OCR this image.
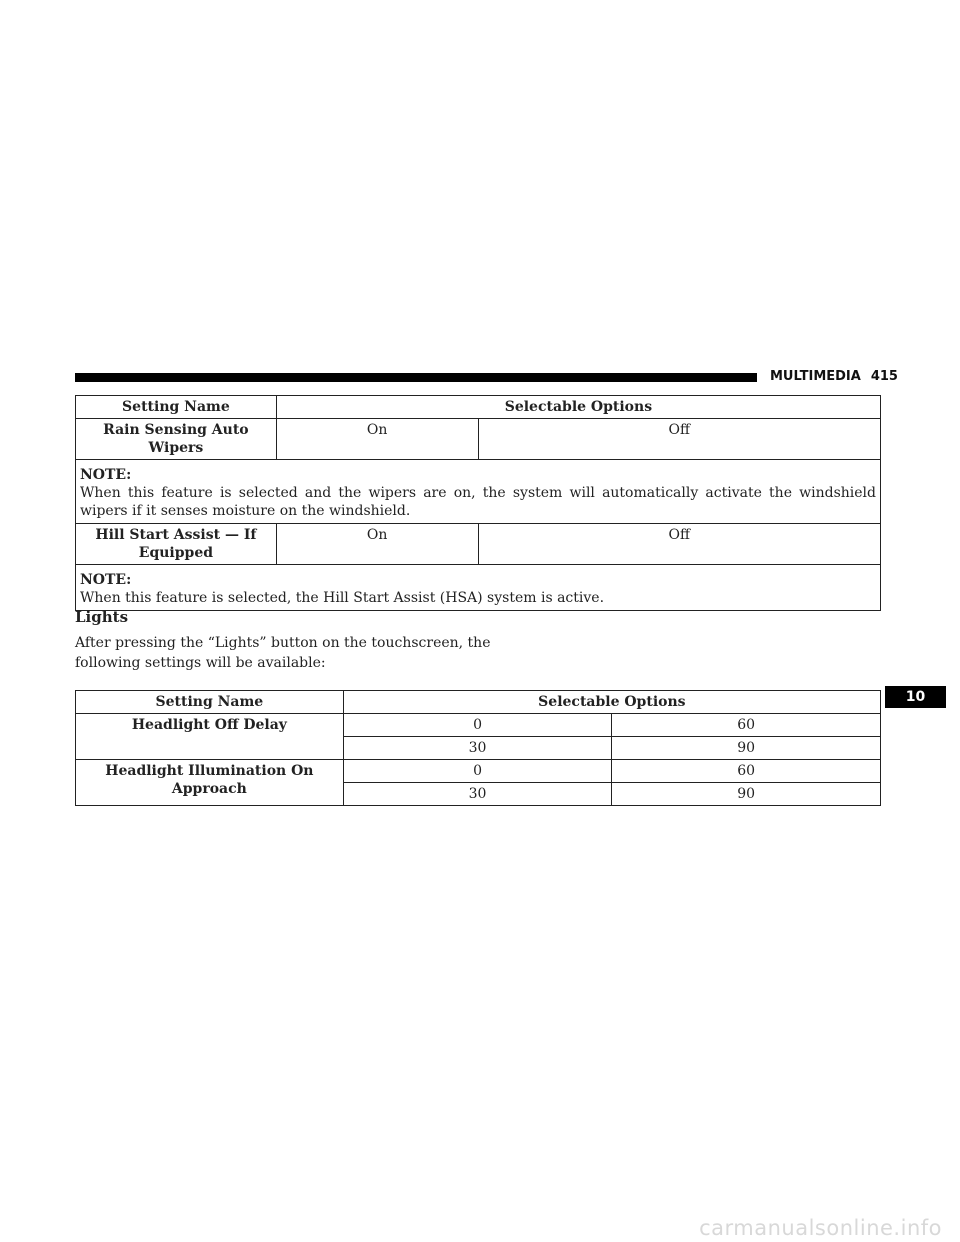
MULTIMEDIA 415
Setting Name	Selectable Options	
Rain Sensing Auto Wipers	On	Off

NOTE:
When this feature is selected and the wipers are on, the system will automatically activate the windshield wipers if it senses moisture on the windshield.		

Hill Start Assist — If Equipped	On	Off

NOTE:
When this feature is selected, the Hill Start Assist (HSA) system is active.		
Lights
After pressing the “Lights” button on the touchscreen, the following settings will be available:
Setting Name	Selectable Options	
Headlight Off Delay	0	60
	30	90
Headlight Illumination On Approach	0	60
	30	90
10
carmanualsonline.info
